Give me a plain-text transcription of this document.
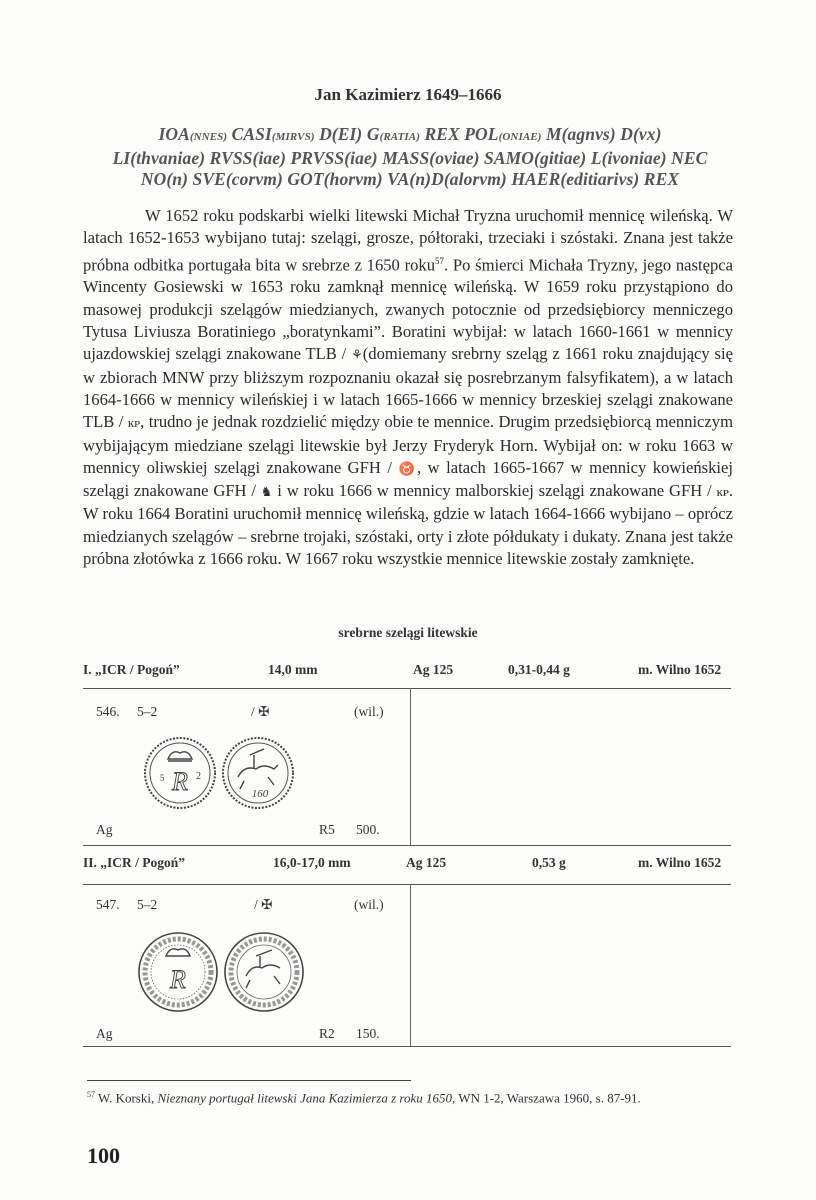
Jan Kazimierz 1649–1666
IOA(NNES) CASI(MIRVS) D(EI) G(RATIA) REX POL(ONIAE) M(agnvs) D(vx)
LI(thvaniae) RVSS(iae) PRVSS(iae) MASS(oviae) SAMO(gitiae) L(ivoniae) NEC
NO(n) SVE(corvm) GOT(horvm) VA(n)D(alorvm) HAER(editiarivs) REX

W 1652 roku podskarbi wielki litewski Michał Tryzna uruchomił mennicę wileńską. W latach 1652-1653 wybijano tutaj: szelągi, grosze, półtoraki, trzeciaki i szóstaki. Znana jest także próbna odbitka portugała bita w srebrze z 1650 roku$^{57}$. Po śmierci Michała Tryzny, jego następca Wincenty Gosiewski w 1653 roku zamknął mennicę wileńską. W 1659 roku przystąpiono do masowej produkcji szelągów miedzianych, zwanych potocznie od przedsiębiorcy menniczego Tytusa Liviusza Boratiniego „boratynkami”. Boratini wybijał: w latach 1660-1661 w mennicy ujazdowskiej szelągi znakowane TLB / ⚘(domiemany srebrny szeląg z 1661 roku znajdujący się w zbiorach MNW przy bliższym rozpoznaniu okazał się posrebrzanym falsyfikatem), a w latach 1664-1666 w mennicy wileńskiej i w latach 1665-1666 w mennicy brzeskiej szelągi znakowane TLB / ĸᴘ, trudno je jednak rozdzielić między obie te mennice. Drugim przedsiębiorcą menniczym wybijającym miedziane szelągi litewskie był Jerzy Fryderyk Horn. Wybijał on: w roku 1663 w mennicy oliwskiej szelągi znakowane GFH / ♉, w latach 1665-1667 w mennicy kowieńskiej szelągi znakowane GFH / ♞ i w roku 1666 w mennicy malborskiej szelągi znakowane GFH / ĸᴘ. W roku 1664 Boratini uruchomił mennicę wileńską, gdzie w latach 1664-1666 wybijano – oprócz miedzianych szelągów – srebrne trojaki, szóstaki, orty i złote półdukaty i dukaty. Znana jest także próbna złotówka z 1666 roku. W 1667 roku wszystkie mennice litewskie zostały zamknięte.

srebrne szelągi litewskie
I. „ICR / Pogoń”	14,0 mm	Ag 125	0,31-0,44 g	m. Wilno 1652
546. 5–2	/ ✠	(wil.)
R
5	2
160
Ag	R5 500.
II. „ICR / Pogoń”	16,0-17,0 mm	Ag 125	0,53 g	m. Wilno 1652
547. 5–2	/ ✠	(wil.)
R
Ag	R2 150.
$^{57}$ W. Korski, Nieznany portugał litewski Jana Kazimierza z roku 1650, WN 1-2, Warszawa 1960, s. 87-91.
100
